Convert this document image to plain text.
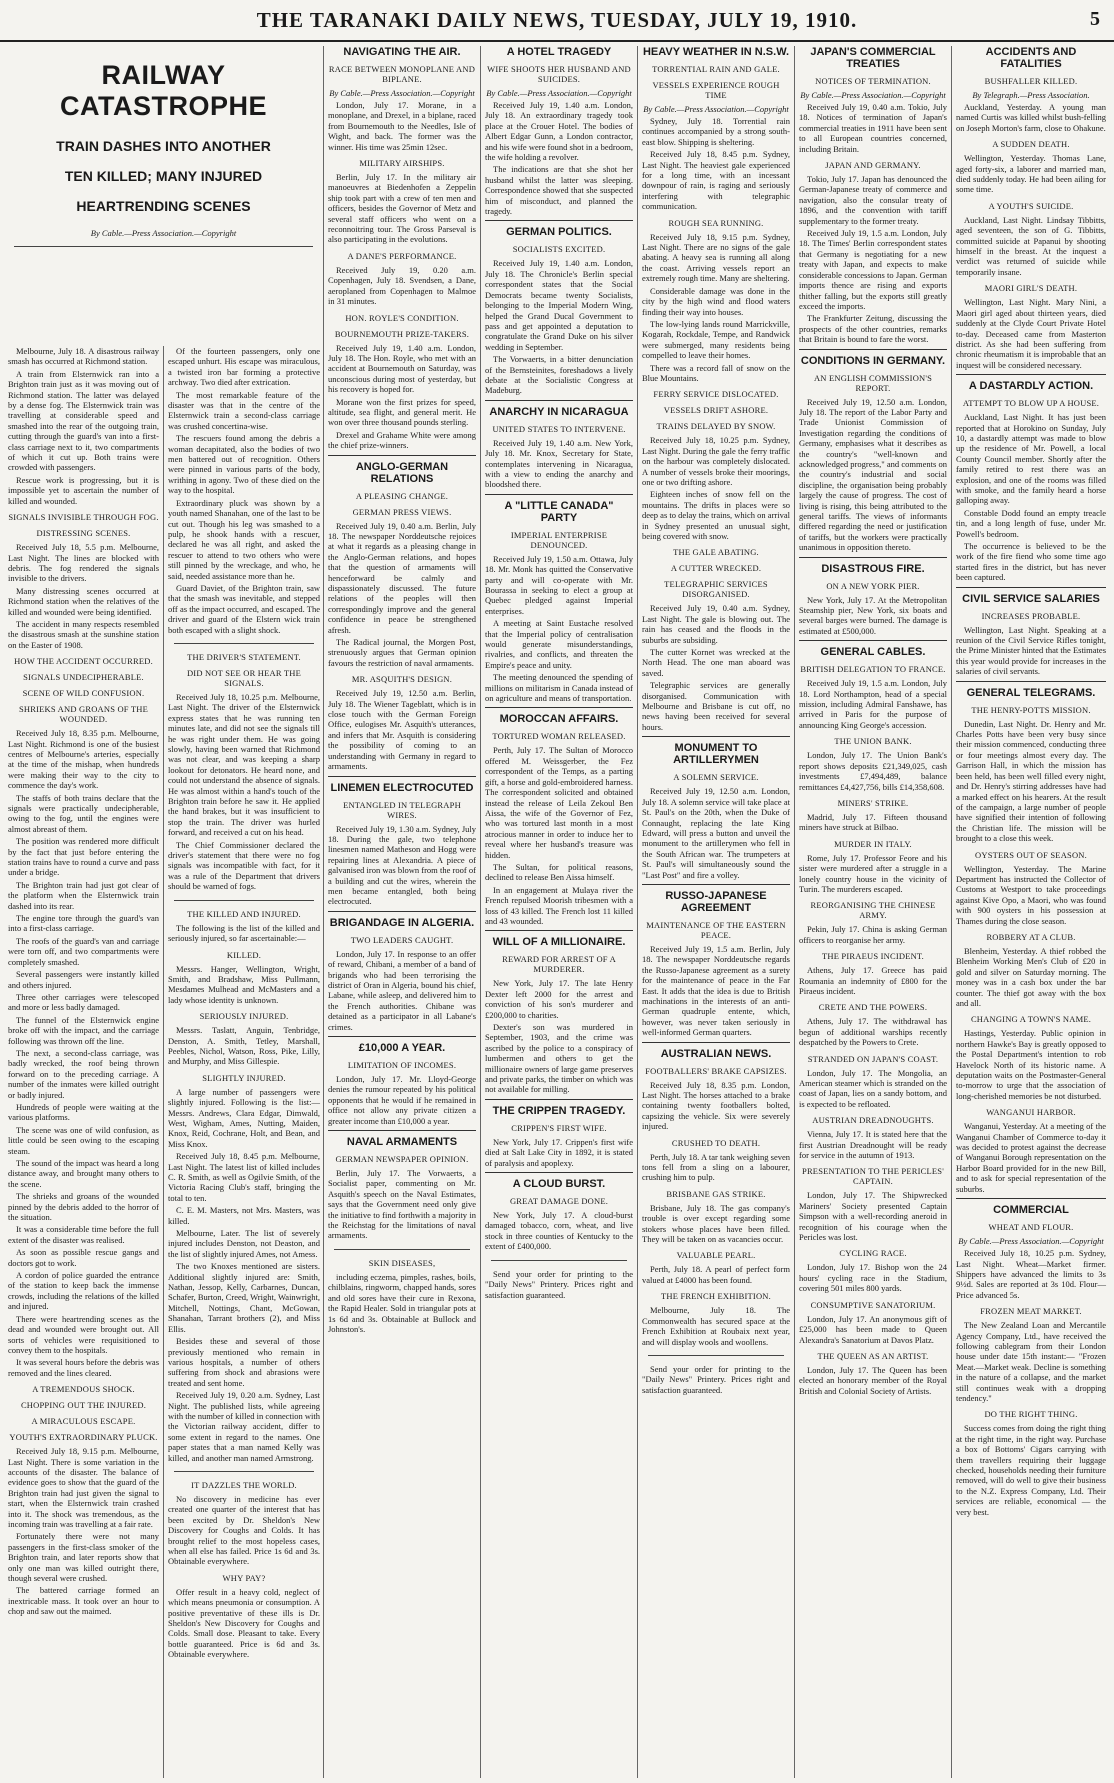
THE TARANAKI DAILY NEWS, TUESDAY, JULY 19, 1910.	5
RAILWAY CATASTROPHE
TRAIN DASHES INTO ANOTHER
TEN KILLED; MANY INJURED
HEARTRENDING SCENES
By Cable.—Press Association.—Copyright

Melbourne, July 18. A disastrous railway smash has occurred at Richmond station.

A train from Elsternwick ran into a Brighton train just as it was moving out of Richmond station. The latter was delayed by a dense fog. The Elsternwick train was travelling at considerable speed and smashed into the rear of the outgoing train, cutting through the guard's van into a first-class carriage next to it, two compartments of which it cut up. Both trains were crowded with passengers.

Rescue work is progressing, but it is impossible yet to ascertain the number of killed and wounded.

SIGNALS INVISIBLE THROUGH FOG.
DISTRESSING SCENES.

Received July 18, 5.5 p.m. Melbourne, Last Night. The lines are blocked with debris. The fog rendered the signals invisible to the drivers.

Many distressing scenes occurred at Richmond station when the relatives of the killed and wounded were being identified.

The accident in many respects resembled the disastrous smash at the sunshine station on the Easter of 1908.

HOW THE ACCIDENT OCCURRED.
SIGNALS UNDECIPHERABLE.
SCENE OF WILD CONFUSION.
SHRIEKS AND GROANS OF THE WOUNDED.

Received July 18, 8.35 p.m. Melbourne, Last Night. Richmond is one of the busiest centres of Melbourne's arteries, especially at the time of the mishap, when hundreds were making their way to the city to commence the day's work.

The staffs of both trains declare that the signals were practically undecipherable, owing to the fog, until the engines were almost abreast of them.

The position was rendered more difficult by the fact that just before entering the station trains have to round a curve and pass under a bridge.

The Brighton train had just got clear of the platform when the Elsternwick train dashed into its rear.

The engine tore through the guard's van into a first-class carriage.

The roofs of the guard's van and carriage were torn off, and two compartments were completely smashed.

Several passengers were instantly killed and others injured.

Three other carriages were telescoped and more or less badly damaged.

The funnel of the Elsternwick engine broke off with the impact, and the carriage following was thrown off the line.

The next, a second-class carriage, was badly wrecked, the roof being thrown forward on to the preceding carriage. A number of the inmates were killed outright or badly injured.

Hundreds of people were waiting at the various platforms.

The scene was one of wild confusion, as little could be seen owing to the escaping steam.

The sound of the impact was heard a long distance away, and brought many others to the scene.

The shrieks and groans of the wounded pinned by the debris added to the horror of the situation.

It was a considerable time before the full extent of the disaster was realised.

As soon as possible rescue gangs and doctors got to work.

A cordon of police guarded the entrance of the station to keep back the immense crowds, including the relations of the killed and injured.

There were heartrending scenes as the dead and wounded were brought out. All sorts of vehicles were requisitioned to convey them to the hospitals.

It was several hours before the debris was removed and the lines cleared.

A TREMENDOUS SHOCK.
CHOPPING OUT THE INJURED.
A MIRACULOUS ESCAPE.
YOUTH'S EXTRAORDINARY PLUCK.

Received July 18, 9.15 p.m. Melbourne, Last Night. There is some variation in the accounts of the disaster. The balance of evidence goes to show that the guard of the Brighton train had just given the signal to start, when the Elsternwick train crashed into it. The shock was tremendous, as the incoming train was travelling at a fair rate.

Fortunately there were not many passengers in the first-class smoker of the Brighton train, and later reports show that only one man was killed outright there, though several were crushed.

The battered carriage formed an inextricable mass. It took over an hour to chop and saw out the maimed.

Of the fourteen passengers, only one escaped unhurt. His escape was miraculous, a twisted iron bar forming a protective archway. Two died after extrication.

The most remarkable feature of the disaster was that in the centre of the Elsternwick train a second-class carriage was crushed concertina-wise.

The rescuers found among the debris a woman decapitated, also the bodies of two men battered out of recognition. Others were pinned in various parts of the body, writhing in agony. Two of these died on the way to the hospital.

Extraordinary pluck was shown by a youth named Shanahan, one of the last to be cut out. Though his leg was smashed to a pulp, he shook hands with a rescuer, declared he was all right, and asked the rescuer to attend to two others who were still pinned by the wreckage, and who, he said, needed assistance more than he.

Guard Daviet, of the Brighton train, saw that the smash was inevitable, and stepped off as the impact occurred, and escaped. The driver and guard of the Elstern wick train both escaped with a slight shock.

THE DRIVER'S STATEMENT.
DID NOT SEE OR HEAR THE SIGNALS.

Received July 18, 10.25 p.m. Melbourne, Last Night. The driver of the Elsternwick express states that he was running ten minutes late, and did not see the signals till he was right under them. He was going slowly, having been warned that Richmond was not clear, and was keeping a sharp lookout for detonators. He heard none, and could not understand the absence of signals. He was almost within a hand's touch of the Brighton train before he saw it. He applied the hand brakes, but it was insufficient to stop the train. The driver was hurled forward, and received a cut on his head.

The Chief Commissioner declared the driver's statement that there were no fog signals was incompatible with fact, for it was a rule of the Department that drivers should be warned of fogs.

THE KILLED AND INJURED.

The following is the list of the killed and seriously injured, so far ascertainable:—

KILLED.

Messrs. Hanger, Wellington, Wright, Smith, and Bradshaw, Miss Pullmann, Mesdames Mulhead and McMasters and a lady whose identity is unknown.

SERIOUSLY INJURED.

Messrs. Taslatt, Anguin, Tenbridge, Denston, A. Smith, Tetley, Marshall, Peebles, Nichol, Watson, Ross, Pike, Lilly, and Murphy, and Miss Gillespie.

SLIGHTLY INJURED.

A large number of passengers were slightly injured. Following is the list:— Messrs. Andrews, Clara Edgar, Dimwald, West, Wigham, Ames, Nutting, Maiden, Knox, Reid, Cochrane, Holt, and Bean, and Miss Knox.

Received July 18, 8.45 p.m. Melbourne, Last Night. The latest list of killed includes C. R. Smith, as well as Ogilvie Smith, of the Victoria Racing Club's staff, bringing the total to ten.

C. E. M. Masters, not Mrs. Masters, was killed.

Melbourne, Later. The list of severely injured includes Denston, not Deaston, and the list of slightly injured Ames, not Amess.

The two Knoxes mentioned are sisters. Additional slightly injured are: Smith, Nathan, Jessop, Kelly, Carbarnes, Duncan, Schafer, Burton, Creed, Wright, Wainwright, Mitchell, Nottings, Chant, McGowan, Shanahan, Tarrant brothers (2), and Miss Ellis.

Besides these and several of those previously mentioned who remain in various hospitals, a number of others suffering from shock and abrasions were treated and sent home.

Received July 19, 0.20 a.m. Sydney, Last Night. The published lists, while agreeing with the number of killed in connection with the Victorian railway accident, differ to some extent in regard to the names. One paper states that a man named Kelly was killed, and another man named Armstrong.

IT DAZZLES THE WORLD.

No discovery in medicine has ever created one quarter of the interest that has been excited by Dr. Sheldon's New Discovery for Coughs and Colds. It has brought relief to the most hopeless cases, when all else has failed. Price 1s 6d and 3s. Obtainable everywhere.

WHY PAY?

Offer result in a heavy cold, neglect of which means pneumonia or consumption. A positive preventative of these ills is Dr. Sheldon's New Discovery for Coughs and Colds. Small dose. Pleasant to take. Every bottle guaranteed. Price is 6d and 3s. Obtainable everywhere.

NAVIGATING THE AIR.
RACE BETWEEN MONOPLANE AND BIPLANE.
By Cable.—Press Association.—Copyright

London, July 17. Morane, in a monoplane, and Drexel, in a biplane, raced from Bournemouth to the Needles, Isle of Wight, and back. The former was the winner. His time was 25min 12sec.

MILITARY AIRSHIPS.

Berlin, July 17. In the military air manoeuvres at Biedenhofen a Zeppelin ship took part with a crew of ten men and officers, besides the Governor of Metz and several staff officers who went on a reconnoitring tour. The Gross Parseval is also participating in the evolutions.

A DANE'S PERFORMANCE.

Received July 19, 0.20 a.m. Copenhagen, July 18. Svendsen, a Dane, aeroplaned from Copenhagen to Malmoe in 31 minutes.

HON. ROYLE'S CONDITION.
BOURNEMOUTH PRIZE-TAKERS.

Received July 19, 1.40 a.m. London, July 18. The Hon. Royle, who met with an accident at Bournemouth on Saturday, was unconscious during most of yesterday, but his recovery is hoped for.

Morane won the first prizes for speed, altitude, sea flight, and general merit. He won over three thousand pounds sterling.

Drexel and Grahame White were among the chief prize-winners.

ANGLO-GERMAN RELATIONS
A PLEASING CHANGE.
GERMAN PRESS VIEWS.

Received July 19, 0.40 a.m. Berlin, July 18. The newspaper Norddeutsche rejoices at what it regards as a pleasing change in the Anglo-German relations, and hopes that the question of armaments will henceforward be calmly and dispassionately discussed. The future relations of the peoples will then correspondingly improve and the general confidence in peace be strengthened afresh.

The Radical journal, the Morgen Post, strenuously argues that German opinion favours the restriction of naval armaments.

MR. ASQUITH'S DESIGN.

Received July 19, 12.50 a.m. Berlin, July 18. The Wiener Tageblatt, which is in close touch with the German Foreign Office, eulogises Mr. Asquith's utterances, and infers that Mr. Asquith is considering the possibility of coming to an understanding with Germany in regard to armaments.

LINEMEN ELECTROCUTED
ENTANGLED IN TELEGRAPH WIRES.

Received July 19, 1.30 a.m. Sydney, July 18. During the gale, two telephone linesmen named Matheson and Hogg were repairing lines at Alexandria. A piece of galvanised iron was blown from the roof of a building and cut the wires, wherein the men became entangled, both being electrocuted.

BRIGANDAGE IN ALGERIA.
TWO LEADERS CAUGHT.

London, July 17. In response to an offer of reward, Chibani, a member of a band of brigands who had been terrorising the district of Oran in Algeria, bound his chief, Labane, while asleep, and delivered him to the French authorities. Chibane was detained as a participator in all Labane's crimes.

£10,000 A YEAR.
LIMITATION OF INCOMES.

London, July 17. Mr. Lloyd-George denies the rumour repeated by his political opponents that he would if he remained in office not allow any private citizen a greater income than £10,000 a year.

NAVAL ARMAMENTS
GERMAN NEWSPAPER OPINION.

Berlin, July 17. The Vorwaerts, a Socialist paper, commenting on Mr. Asquith's speech on the Naval Estimates, says that the Government need only give the initiative to find forthwith a majority in the Reichstag for the limitations of naval armaments.

SKIN DISEASES,

including eczema, pimples, rashes, boils, chilblains, ringworm, chapped hands, sores and old sores have their cure in Rexona, the Rapid Healer. Sold in triangular pots at 1s 6d and 3s. Obtainable at Bullock and Johnston's.

A HOTEL TRAGEDY
WIFE SHOOTS HER HUSBAND AND SUICIDES.
By Cable.—Press Association.—Copyright

Received July 19, 1.40 a.m. London, July 18. An extraordinary tragedy took place at the Crouer Hotel. The bodies of Albert Edgar Gunn, a London contractor, and his wife were found shot in a bedroom, the wife holding a revolver.

The indications are that she shot her husband whilst the latter was sleeping. Correspondence showed that she suspected him of misconduct, and planned the tragedy.

GERMAN POLITICS.
SOCIALISTS EXCITED.

Received July 19, 1.40 a.m. London, July 18. The Chronicle's Berlin special correspondent states that the Social Democrats became twenty Socialists, belonging to the Imperial Modern Wing, helped the Grand Ducal Government to pass and get appointed a deputation to congratulate the Grand Duke on his silver wedding in September.

The Vorwaerts, in a bitter denunciation of the Bernsteinites, foreshadows a lively debate at the Socialistic Congress at Madeburg.

ANARCHY IN NICARAGUA
UNITED STATES TO INTERVENE.

Received July 19, 1.40 a.m. New York, July 18. Mr. Knox, Secretary for State, contemplates intervening in Nicaragua, with a view to ending the anarchy and bloodshed there.

A "LITTLE CANADA" PARTY
IMPERIAL ENTERPRISE DENOUNCED.

Received July 19, 1.50 a.m. Ottawa, July 18. Mr. Monk has quitted the Conservative party and will co-operate with Mr. Bourassa in seeking to elect a group at Quebec pledged against Imperial enterprises.

A meeting at Saint Eustache resolved that the Imperial policy of centralisation would generate misunderstandings, rivalries, and conflicts, and threaten the Empire's peace and unity.

The meeting denounced the spending of millions on militarism in Canada instead of on agriculture and means of transportation.

MOROCCAN AFFAIRS.
TORTURED WOMAN RELEASED.

Perth, July 17. The Sultan of Morocco offered M. Weissgerber, the Fez correspondent of the Temps, as a parting gift, a horse and gold-embroidered harness. The correspondent solicited and obtained instead the release of Leila Zekoul Ben Aissa, the wife of the Governor of Fez, who was tortured last month in a most atrocious manner in order to induce her to reveal where her husband's treasure was hidden.

The Sultan, for political reasons, declined to release Ben Aissa himself.

In an engagement at Mulaya river the French repulsed Moorish tribesmen with a loss of 43 killed. The French lost 11 killed and 43 wounded.

WILL OF A MILLIONAIRE.
REWARD FOR ARREST OF A MURDERER.

New York, July 17. The late Henry Dexter left 2000 for the arrest and conviction of his son's murderer and £200,000 to charities.

Dexter's son was murdered in September, 1903, and the crime was ascribed by the police to a conspiracy of lumbermen and others to get the millionaire owners of large game preserves and private parks, the timber on which was not available for milling.

THE CRIPPEN TRAGEDY.
CRIPPEN'S FIRST WIFE.

New York, July 17. Crippen's first wife died at Salt Lake City in 1892, it is stated of paralysis and apoplexy.

A CLOUD BURST.
GREAT DAMAGE DONE.

New York, July 17. A cloud-burst damaged tobacco, corn, wheat, and live stock in three counties of Kentucky to the extent of £400,000.

Send your order for printing to the "Daily News" Printery. Prices right and satisfaction guaranteed.

HEAVY WEATHER IN N.S.W.
TORRENTIAL RAIN AND GALE.
VESSELS EXPERIENCE ROUGH TIME
By Cable.—Press Association.—Copyright

Sydney, July 18. Torrential rain continues accompanied by a strong south-east blow. Shipping is sheltering.

Received July 18, 8.45 p.m. Sydney, Last Night. The heaviest gale experienced for a long time, with an incessant downpour of rain, is raging and seriously interfering with telegraphic communication.

ROUGH SEA RUNNING.

Received July 18, 9.15 p.m. Sydney, Last Night. There are no signs of the gale abating. A heavy sea is running all along the coast. Arriving vessels report an extremely rough time. Many are sheltering.

Considerable damage was done in the city by the high wind and flood waters finding their way into houses.

The low-lying lands round Marrickville, Kogarah, Rockdale, Tempe, and Randwick were submerged, many residents being compelled to leave their homes.

There was a record fall of snow on the Blue Mountains.

FERRY SERVICE DISLOCATED.
VESSELS DRIFT ASHORE.
TRAINS DELAYED BY SNOW.

Received July 18, 10.25 p.m. Sydney, Last Night. During the gale the ferry traffic on the harbour was completely dislocated. A number of vessels broke their moorings, one or two drifting ashore.

Eighteen inches of snow fell on the mountains. The drifts in places were so deep as to delay the trains, which on arrival in Sydney presented an unusual sight, being covered with snow.

THE GALE ABATING.
A CUTTER WRECKED.
TELEGRAPHIC SERVICES DISORGANISED.

Received July 19, 0.40 a.m. Sydney, Last Night. The gale is blowing out. The rain has ceased and the floods in the suburbs are subsiding.

The cutter Kornet was wrecked at the North Head. The one man aboard was saved.

Telegraphic services are generally disorganised. Communication with Melbourne and Brisbane is cut off, no news having been received for several hours.

MONUMENT TO ARTILLERYMEN
A SOLEMN SERVICE.

Received July 19, 12.50 a.m. London, July 18. A solemn service will take place at St. Paul's on the 20th, when the Duke of Connaught, replacing the late King Edward, will press a button and unveil the monument to the artillerymen who fell in the South African war. The trumpeters at St. Paul's will simultaneously sound the "Last Post" and fire a volley.

RUSSO-JAPANESE AGREEMENT
MAINTENANCE OF THE EASTERN PEACE.

Received July 19, 1.5 a.m. Berlin, July 18. The newspaper Norddeutsche regards the Russo-Japanese agreement as a surety for the maintenance of peace in the Far East. It adds that the idea is due to British machinations in the interests of an anti-German quadruple entente, which, however, was never taken seriously in well-informed German quarters.

AUSTRALIAN NEWS.
FOOTBALLERS' BRAKE CAPSIZES.

Received July 18, 8.35 p.m. London, Last Night. The horses attached to a brake containing twenty footballers bolted, capsizing the vehicle. Six were severely injured.

CRUSHED TO DEATH.

Perth, July 18. A tar tank weighing seven tons fell from a sling on a labourer, crushing him to pulp.

BRISBANE GAS STRIKE.

Brisbane, July 18. The gas company's trouble is over except regarding some stokers whose places have been filled. They will be taken on as vacancies occur.

VALUABLE PEARL.

Perth, July 18. A pearl of perfect form valued at £4000 has been found.

THE FRENCH EXHIBITION.

Melbourne, July 18. The Commonwealth has secured space at the French Exhibition at Roubaix next year, and will display wools and woollens.

Send your order for printing to the "Daily News" Printery. Prices right and satisfaction guaranteed.

JAPAN'S COMMERCIAL TREATIES
NOTICES OF TERMINATION.
By Cable.—Press Association.—Copyright

Received July 19, 0.40 a.m. Tokio, July 18. Notices of termination of Japan's commercial treaties in 1911 have been sent to all European countries concerned, including Britain.

JAPAN AND GERMANY.

Tokio, July 17. Japan has denounced the German-Japanese treaty of commerce and navigation, also the consular treaty of 1896, and the convention with tariff supplementary to the former treaty.

Received July 19, 1.5 a.m. London, July 18. The Times' Berlin correspondent states that Germany is negotiating for a new treaty with Japan, and expects to make considerable concessions to Japan. German imports thence are rising and exports thither falling, but the exports still greatly exceed the imports.

The Frankfurter Zeitung, discussing the prospects of the other countries, remarks that Britain is bound to fare the worst.

CONDITIONS IN GERMANY.
AN ENGLISH COMMISSION'S REPORT.

Received July 19, 12.50 a.m. London, July 18. The report of the Labor Party and Trade Unionist Commission of Investigation regarding the conditions of Germany, emphasises what it describes as the country's "well-known and acknowledged progress," and comments on the country's industrial and social discipline, the organisation being probably largely the cause of progress. The cost of living is rising, this being attributed to the general tariffs. The views of informants differed regarding the need or justification of tariffs, but the workers were practically unanimous in opposition thereto.

DISASTROUS FIRE.
ON A NEW YORK PIER.

New York, July 17. At the Metropolitan Steamship pier, New York, six boats and several barges were burned. The damage is estimated at £500,000.

GENERAL CABLES.
BRITISH DELEGATION TO FRANCE.

Received July 19, 1.5 a.m. London, July 18. Lord Northampton, head of a special mission, including Admiral Fanshawe, has arrived in Paris for the purpose of announcing King George's accession.

THE UNION BANK.

London, July 17. The Union Bank's report shows deposits £21,349,025, cash investments £7,494,489, balance remittances £4,427,756, bills £14,358,608.

MINERS' STRIKE.

Madrid, July 17. Fifteen thousand miners have struck at Bilbao.

MURDER IN ITALY.

Rome, July 17. Professor Feore and his sister were murdered after a struggle in a lonely country house in the vicinity of Turin. The murderers escaped.

REORGANISING THE CHINESE ARMY.

Pekin, July 17. China is asking German officers to reorganise her army.

THE PIRAEUS INCIDENT.

Athens, July 17. Greece has paid Roumania an indemnity of £800 for the Piraeus incident.

CRETE AND THE POWERS.

Athens, July 17. The withdrawal has begun of additional warships recently despatched by the Powers to Crete.

STRANDED ON JAPAN'S COAST.

London, July 17. The Mongolia, an American steamer which is stranded on the coast of Japan, lies on a sandy bottom, and is expected to be refloated.

AUSTRIAN DREADNOUGHTS.

Vienna, July 17. It is stated here that the first Austrian Dreadnought will be ready for service in the autumn of 1913.

PRESENTATION TO THE PERICLES' CAPTAIN.

London, July 17. The Shipwrecked Mariners' Society presented Captain Simpson with a well-recording aneroid in recognition of his courage when the Pericles was lost.

CYCLING RACE.

London, July 17. Bishop won the 24 hours' cycling race in the Stadium, covering 501 miles 800 yards.

CONSUMPTIVE SANATORIUM.

London, July 17. An anonymous gift of £25,000 has been made to Queen Alexandra's Sanatorium at Davos Platz.

THE QUEEN AS AN ARTIST.

London, July 17. The Queen has been elected an honorary member of the Royal British and Colonial Society of Artists.

ACCIDENTS AND FATALITIES
BUSHFALLER KILLED.
By Telegraph.—Press Association.

Auckland, Yesterday. A young man named Curtis was killed whilst bush-felling on Joseph Morton's farm, close to Ohakune.

A SUDDEN DEATH.

Wellington, Yesterday. Thomas Lane, aged forty-six, a laborer and married man, died suddenly today. He had been ailing for some time.

A YOUTH'S SUICIDE.

Auckland, Last Night. Lindsay Tibbitts, aged seventeen, the son of G. Tibbitts, committed suicide at Papanui by shooting himself in the breast. At the inquest a verdict was returned of suicide while temporarily insane.

MAORI GIRL'S DEATH.

Wellington, Last Night. Mary Nini, a Maori girl aged about thirteen years, died suddenly at the Clyde Court Private Hotel to-day. Deceased came from Masterton district. As she had been suffering from chronic rheumatism it is improbable that an inquest will be considered necessary.

A DASTARDLY ACTION.
ATTEMPT TO BLOW UP A HOUSE.

Auckland, Last Night. It has just been reported that at Horokino on Sunday, July 10, a dastardly attempt was made to blow up the residence of Mr. Powell, a local County Council member. Shortly after the family retired to rest there was an explosion, and one of the rooms was filled with smoke, and the family heard a horse galloping away.

Constable Dodd found an empty treacle tin, and a long length of fuse, under Mr. Powell's bedroom.

The occurrence is believed to be the work of the fire fiend who some time ago started fires in the district, but has never been captured.

CIVIL SERVICE SALARIES
INCREASES PROBABLE.

Wellington, Last Night. Speaking at a reunion of the Civil Service Rifles tonight, the Prime Minister hinted that the Estimates this year would provide for increases in the salaries of civil servants.

GENERAL TELEGRAMS.
THE HENRY-POTTS MISSION.

Dunedin, Last Night. Dr. Henry and Mr. Charles Potts have been very busy since their mission commenced, conducting three or four meetings almost every day. The Garrison Hall, in which the mission has been held, has been well filled every night, and Dr. Henry's stirring addresses have had a marked effect on his hearers. At the result of the campaign, a large number of people have signified their intention of following the Christian life. The mission will be brought to a close this week.

OYSTERS OUT OF SEASON.

Wellington, Yesterday. The Marine Department has instructed the Collector of Customs at Westport to take proceedings against Kive Opo, a Maori, who was found with 900 oysters in his possession at Thames during the close season.

ROBBERY AT A CLUB.

Blenheim, Yesterday. A thief robbed the Blenheim Working Men's Club of £20 in gold and silver on Saturday morning. The money was in a cash box under the bar counter. The thief got away with the box and all.

CHANGING A TOWN'S NAME.

Hastings, Yesterday. Public opinion in northern Hawke's Bay is greatly opposed to the Postal Department's intention to rob Havelock North of its historic name. A deputation waits on the Postmaster-General to-morrow to urge that the association of long-cherished memories be not disturbed.

WANGANUI HARBOR.

Wanganui, Yesterday. At a meeting of the Wanganui Chamber of Commerce to-day it was decided to protest against the decrease of Wanganui Borough representation on the Harbor Board provided for in the new Bill, and to ask for special representation of the suburbs.

COMMERCIAL
WHEAT AND FLOUR.
By Cable.—Press Association.—Copyright

Received July 18, 10.25 p.m. Sydney, Last Night. Wheat—Market firmer. Shippers have advanced the limits to 3s 9½d. Sales are reported at 3s 10d. Flour—Price advanced 5s.

FROZEN MEAT MARKET.

The New Zealand Loan and Mercantile Agency Company, Ltd., have received the following cablegram from their London house under date 15th instant:— "Frozen Meat.—Market weak. Decline is something in the nature of a collapse, and the market still continues weak with a dropping tendency."

DO THE RIGHT THING.

Success comes from doing the right thing at the right time, in the right way. Purchase a box of Bottoms' Cigars carrying with them travellers requiring their luggage checked, households needing their furniture removed, will do well to give their business to the N.Z. Express Company, Ltd. Their services are reliable, economical — the very best.
